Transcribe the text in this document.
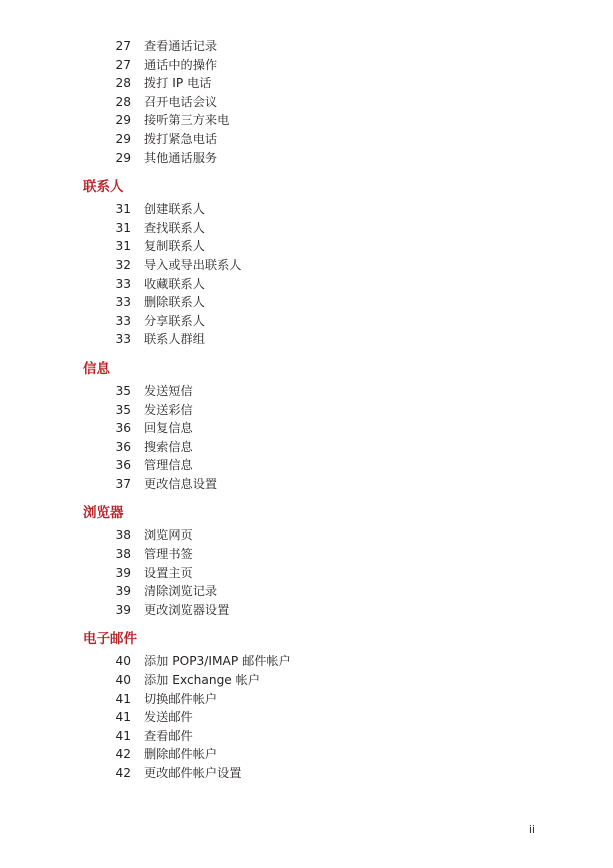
27 查看通话记录
27 通话中的操作
28 拨打 IP 电话
28 召开电话会议
29 接听第三方来电
29 拨打紧急电话
29 其他通话服务
联系人
31 创建联系人
31 查找联系人
31 复制联系人
32 导入或导出联系人
33 收藏联系人
33 删除联系人
33 分享联系人
33 联系人群组
信息
35 发送短信
35 发送彩信
36 回复信息
36 搜索信息
36 管理信息
37 更改信息设置
浏览器
38 浏览网页
38 管理书签
39 设置主页
39 清除浏览记录
39 更改浏览器设置
电子邮件
40 添加 POP3/IMAP 邮件帐户
40 添加 Exchange 帐户
41 切换邮件帐户
41 发送邮件
41 查看邮件
42 删除邮件帐户
42 更改邮件帐户设置
ii
